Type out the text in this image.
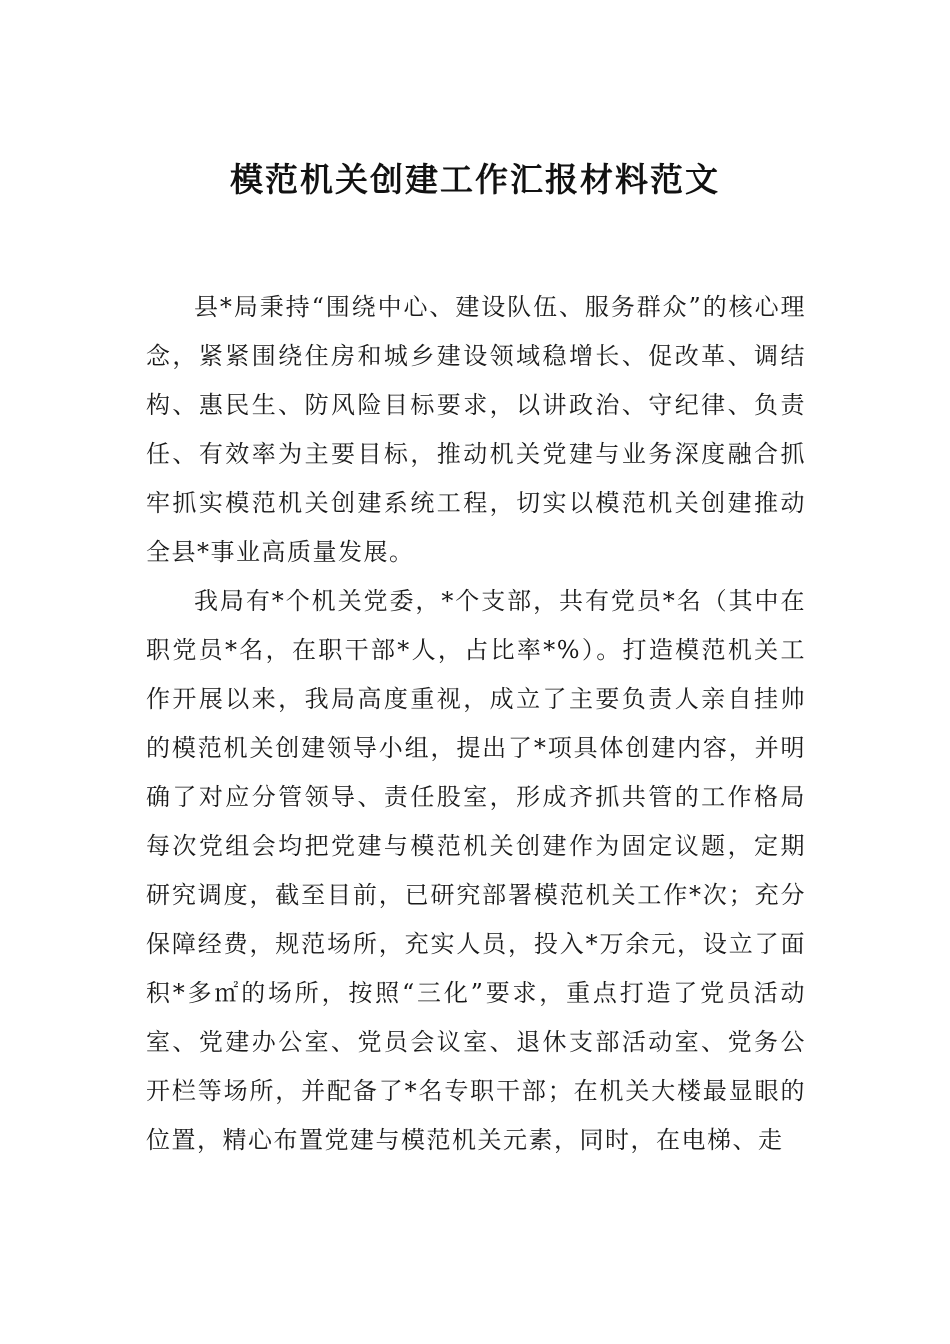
模范机关创建工作汇报材料范文

县*局秉持“围绕中心、建设队伍、服务群众”的核心理念，紧紧围绕住房和城乡建设领域稳增长、促改革、调结构、惠民生、防风险目标要求，以讲政治、守纪律、负责任、有效率为主要目标，推动机关党建与业务深度融合抓牢抓实模范机关创建系统工程，切实以模范机关创建推动全县*事业高质量发展。

我局有*个机关党委，*个支部，共有党员*名（其中在职党员*名，在职干部*人，占比率*%）。打造模范机关工作开展以来，我局高度重视，成立了主要负责人亲自挂帅的模范机关创建领导小组，提出了*项具体创建内容，并明确了对应分管领导、责任股室，形成齐抓共管的工作格局每次党组会均把党建与模范机关创建作为固定议题，定期研究调度，截至目前，已研究部署模范机关工作*次；充分保障经费，规范场所，充实人员，投入*万余元，设立了面积*多㎡的场所，按照“三化”要求，重点打造了党员活动室、党建办公室、党员会议室、退休支部活动室、党务公开栏等场所，并配备了*名专职干部；在机关大楼最显眼的位置，精心布置党建与模范机关元素，同时，在电梯、走
